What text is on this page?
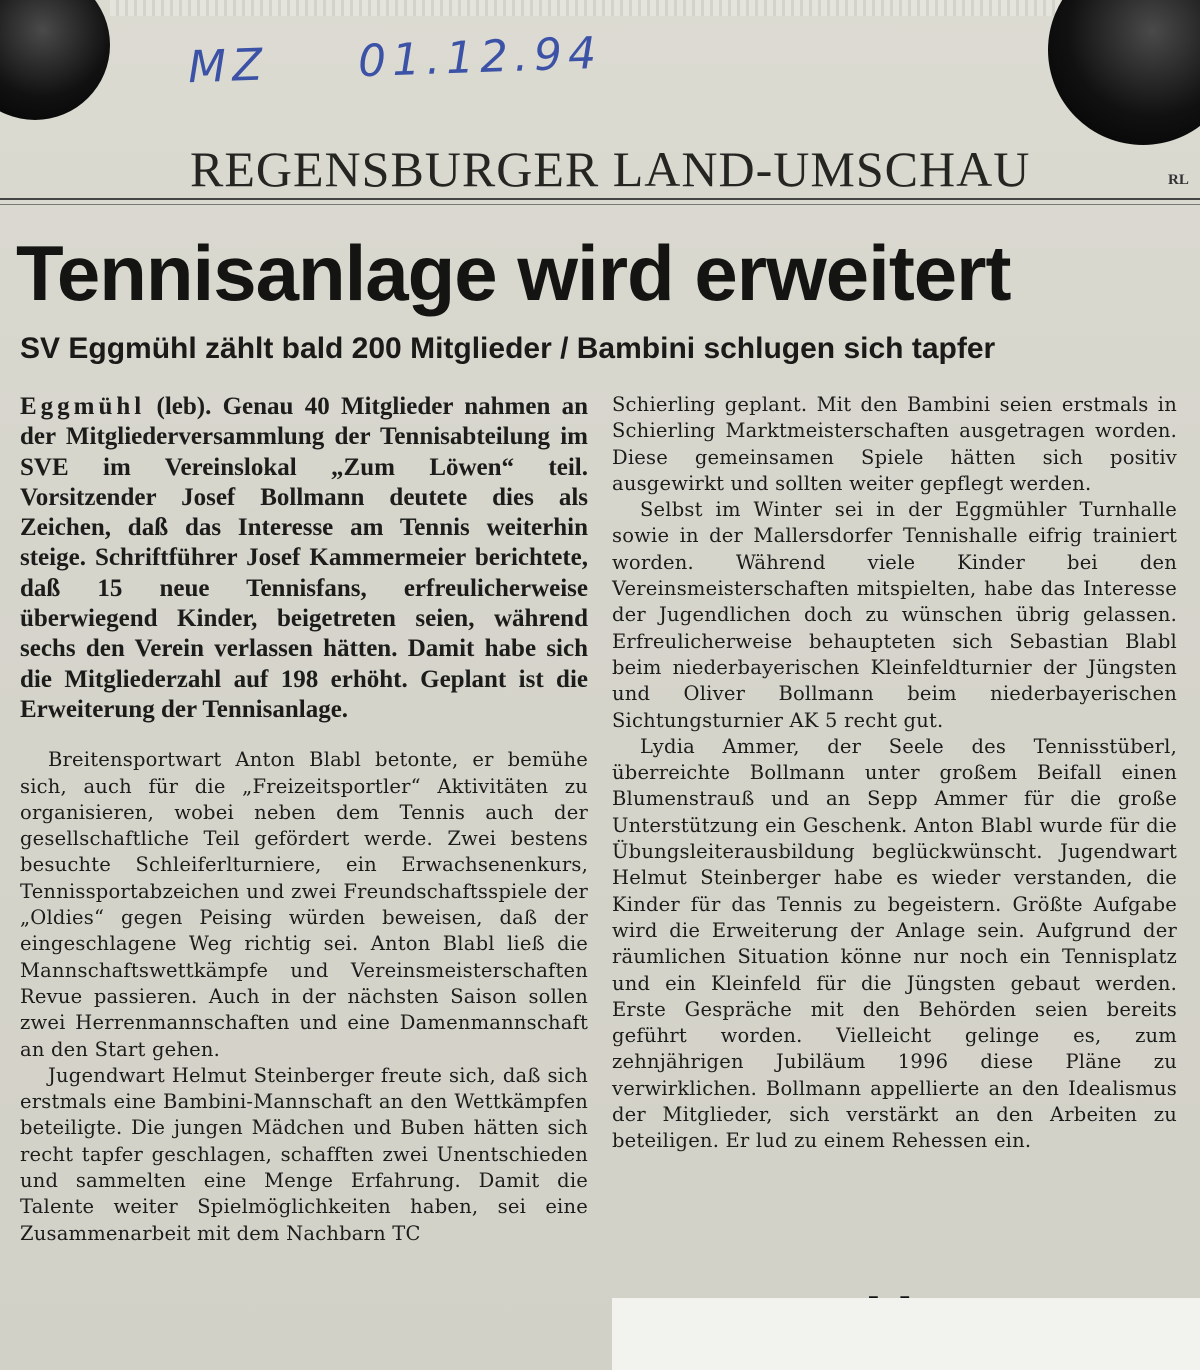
MZ 01.12.94
REGENSBURGER LAND-UMSCHAU	RL
Tennisanlage wird erweitert
SV Eggmühl zählt bald 200 Mitglieder / Bambini schlugen sich tapfer

Eggmühl (leb). Genau 40 Mitglieder nahmen an der Mitgliederversammlung der Tennisabteilung im SVE im Vereinslokal „Zum Löwen“ teil. Vorsitzender Josef Bollmann deutete dies als Zeichen, daß das Interesse am Tennis weiterhin steige. Schriftführer Josef Kammermeier berichtete, daß 15 neue Tennisfans, erfreulicherweise überwiegend Kinder, beigetreten seien, während sechs den Verein verlassen hätten. Damit habe sich die Mitgliederzahl auf 198 erhöht. Geplant ist die Erweiterung der Tennisanlage.

Breitensportwart Anton Blabl betonte, er bemühe sich, auch für die „Freizeitsportler“ Aktivitäten zu organisieren, wobei neben dem Tennis auch der gesellschaftliche Teil gefördert werde. Zwei bestens besuchte Schleiferlturniere, ein Erwachsenenkurs, Tennissportabzeichen und zwei Freundschaftsspiele der „Oldies“ gegen Peising würden beweisen, daß der eingeschlagene Weg richtig sei. Anton Blabl ließ die Mannschaftswettkämpfe und Vereinsmeisterschaften Revue passieren. Auch in der nächsten Saison sollen zwei Herrenmannschaften und eine Damenmannschaft an den Start gehen.

Jugendwart Helmut Steinberger freute sich, daß sich erstmals eine Bambini-Mannschaft an den Wettkämpfen beteiligte. Die jungen Mädchen und Buben hätten sich recht tapfer geschlagen, schafften zwei Unentschieden und sammelten eine Menge Erfahrung. Damit die Talente weiter Spielmöglichkeiten haben, sei eine Zusammenarbeit mit dem Nachbarn TC

Schierling geplant. Mit den Bambini seien erstmals in Schierling Marktmeisterschaften ausgetragen worden. Diese gemeinsamen Spiele hätten sich positiv ausgewirkt und sollten weiter gepflegt werden.

Selbst im Winter sei in der Eggmühler Turnhalle sowie in der Mallersdorfer Tennishalle eifrig trainiert worden. Während viele Kinder bei den Vereinsmeisterschaften mitspielten, habe das Interesse der Jugendlichen doch zu wünschen übrig gelassen. Erfreulicherweise behaupteten sich Sebastian Blabl beim niederbayerischen Kleinfeldturnier der Jüngsten und Oliver Bollmann beim niederbayerischen Sichtungsturnier AK 5 recht gut.

Lydia Ammer, der Seele des Tennisstüberl, überreichte Bollmann unter großem Beifall einen Blumenstrauß und an Sepp Ammer für die große Unterstützung ein Geschenk. Anton Blabl wurde für die Übungsleiterausbildung beglückwünscht. Jugendwart Helmut Steinberger habe es wieder verstanden, die Kinder für das Tennis zu begeistern. Größte Aufgabe wird die Erweiterung der Anlage sein. Aufgrund der räumlichen Situation könne nur noch ein Tennisplatz und ein Kleinfeld für die Jüngsten gebaut werden. Erste Gespräche mit den Behörden seien bereits geführt worden. Vielleicht gelinge es, zum zehnjährigen Jubiläum 1996 diese Pläne zu verwirklichen. Bollmann appellierte an den Idealismus der Mitglieder, sich verstärkt an den Arbeiten zu beteiligen. Er lud zu einem Rehessen ein.
